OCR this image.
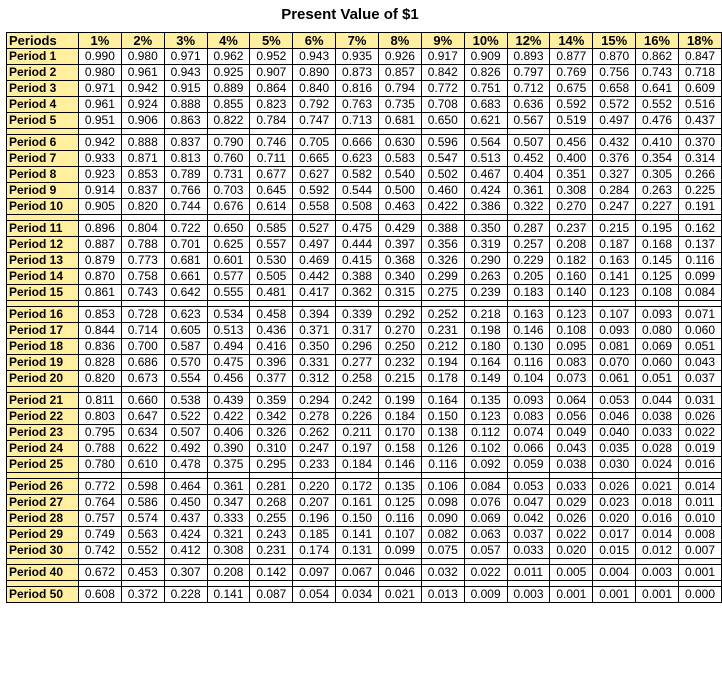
Present Value of $1
Periods	1%	2%	3%	4%	5%	6%	7%	8%	9%	10%	12%	14%	15%	16%	18%
Period 1	0.990	0.980	0.971	0.962	0.952	0.943	0.935	0.926	0.917	0.909	0.893	0.877	0.870	0.862	0.847
Period 2	0.980	0.961	0.943	0.925	0.907	0.890	0.873	0.857	0.842	0.826	0.797	0.769	0.756	0.743	0.718
Period 3	0.971	0.942	0.915	0.889	0.864	0.840	0.816	0.794	0.772	0.751	0.712	0.675	0.658	0.641	0.609
Period 4	0.961	0.924	0.888	0.855	0.823	0.792	0.763	0.735	0.708	0.683	0.636	0.592	0.572	0.552	0.516
Period 5	0.951	0.906	0.863	0.822	0.784	0.747	0.713	0.681	0.650	0.621	0.567	0.519	0.497	0.476	0.437

Period 6	0.942	0.888	0.837	0.790	0.746	0.705	0.666	0.630	0.596	0.564	0.507	0.456	0.432	0.410	0.370
Period 7	0.933	0.871	0.813	0.760	0.711	0.665	0.623	0.583	0.547	0.513	0.452	0.400	0.376	0.354	0.314
Period 8	0.923	0.853	0.789	0.731	0.677	0.627	0.582	0.540	0.502	0.467	0.404	0.351	0.327	0.305	0.266
Period 9	0.914	0.837	0.766	0.703	0.645	0.592	0.544	0.500	0.460	0.424	0.361	0.308	0.284	0.263	0.225
Period 10	0.905	0.820	0.744	0.676	0.614	0.558	0.508	0.463	0.422	0.386	0.322	0.270	0.247	0.227	0.191

Period 11	0.896	0.804	0.722	0.650	0.585	0.527	0.475	0.429	0.388	0.350	0.287	0.237	0.215	0.195	0.162
Period 12	0.887	0.788	0.701	0.625	0.557	0.497	0.444	0.397	0.356	0.319	0.257	0.208	0.187	0.168	0.137
Period 13	0.879	0.773	0.681	0.601	0.530	0.469	0.415	0.368	0.326	0.290	0.229	0.182	0.163	0.145	0.116
Period 14	0.870	0.758	0.661	0.577	0.505	0.442	0.388	0.340	0.299	0.263	0.205	0.160	0.141	0.125	0.099
Period 15	0.861	0.743	0.642	0.555	0.481	0.417	0.362	0.315	0.275	0.239	0.183	0.140	0.123	0.108	0.084

Period 16	0.853	0.728	0.623	0.534	0.458	0.394	0.339	0.292	0.252	0.218	0.163	0.123	0.107	0.093	0.071
Period 17	0.844	0.714	0.605	0.513	0.436	0.371	0.317	0.270	0.231	0.198	0.146	0.108	0.093	0.080	0.060
Period 18	0.836	0.700	0.587	0.494	0.416	0.350	0.296	0.250	0.212	0.180	0.130	0.095	0.081	0.069	0.051
Period 19	0.828	0.686	0.570	0.475	0.396	0.331	0.277	0.232	0.194	0.164	0.116	0.083	0.070	0.060	0.043
Period 20	0.820	0.673	0.554	0.456	0.377	0.312	0.258	0.215	0.178	0.149	0.104	0.073	0.061	0.051	0.037

Period 21	0.811	0.660	0.538	0.439	0.359	0.294	0.242	0.199	0.164	0.135	0.093	0.064	0.053	0.044	0.031
Period 22	0.803	0.647	0.522	0.422	0.342	0.278	0.226	0.184	0.150	0.123	0.083	0.056	0.046	0.038	0.026
Period 23	0.795	0.634	0.507	0.406	0.326	0.262	0.211	0.170	0.138	0.112	0.074	0.049	0.040	0.033	0.022
Period 24	0.788	0.622	0.492	0.390	0.310	0.247	0.197	0.158	0.126	0.102	0.066	0.043	0.035	0.028	0.019
Period 25	0.780	0.610	0.478	0.375	0.295	0.233	0.184	0.146	0.116	0.092	0.059	0.038	0.030	0.024	0.016

Period 26	0.772	0.598	0.464	0.361	0.281	0.220	0.172	0.135	0.106	0.084	0.053	0.033	0.026	0.021	0.014
Period 27	0.764	0.586	0.450	0.347	0.268	0.207	0.161	0.125	0.098	0.076	0.047	0.029	0.023	0.018	0.011
Period 28	0.757	0.574	0.437	0.333	0.255	0.196	0.150	0.116	0.090	0.069	0.042	0.026	0.020	0.016	0.010
Period 29	0.749	0.563	0.424	0.321	0.243	0.185	0.141	0.107	0.082	0.063	0.037	0.022	0.017	0.014	0.008
Period 30	0.742	0.552	0.412	0.308	0.231	0.174	0.131	0.099	0.075	0.057	0.033	0.020	0.015	0.012	0.007

Period 40	0.672	0.453	0.307	0.208	0.142	0.097	0.067	0.046	0.032	0.022	0.011	0.005	0.004	0.003	0.001

Period 50	0.608	0.372	0.228	0.141	0.087	0.054	0.034	0.021	0.013	0.009	0.003	0.001	0.001	0.001	0.000
